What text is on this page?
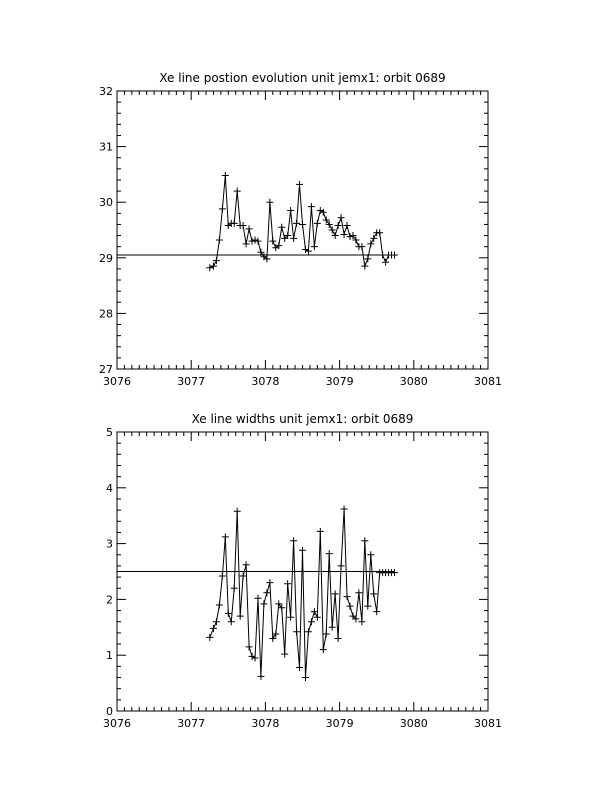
Xe line postion evolution unit jemx1: orbit 0689
3076	3077	3078	3079	3080	3081
27
28
29
30
31
32
Xe line widths unit jemx1: orbit 0689
3076	3077	3078	3079	3080	3081
0
1
2
3
4
5
